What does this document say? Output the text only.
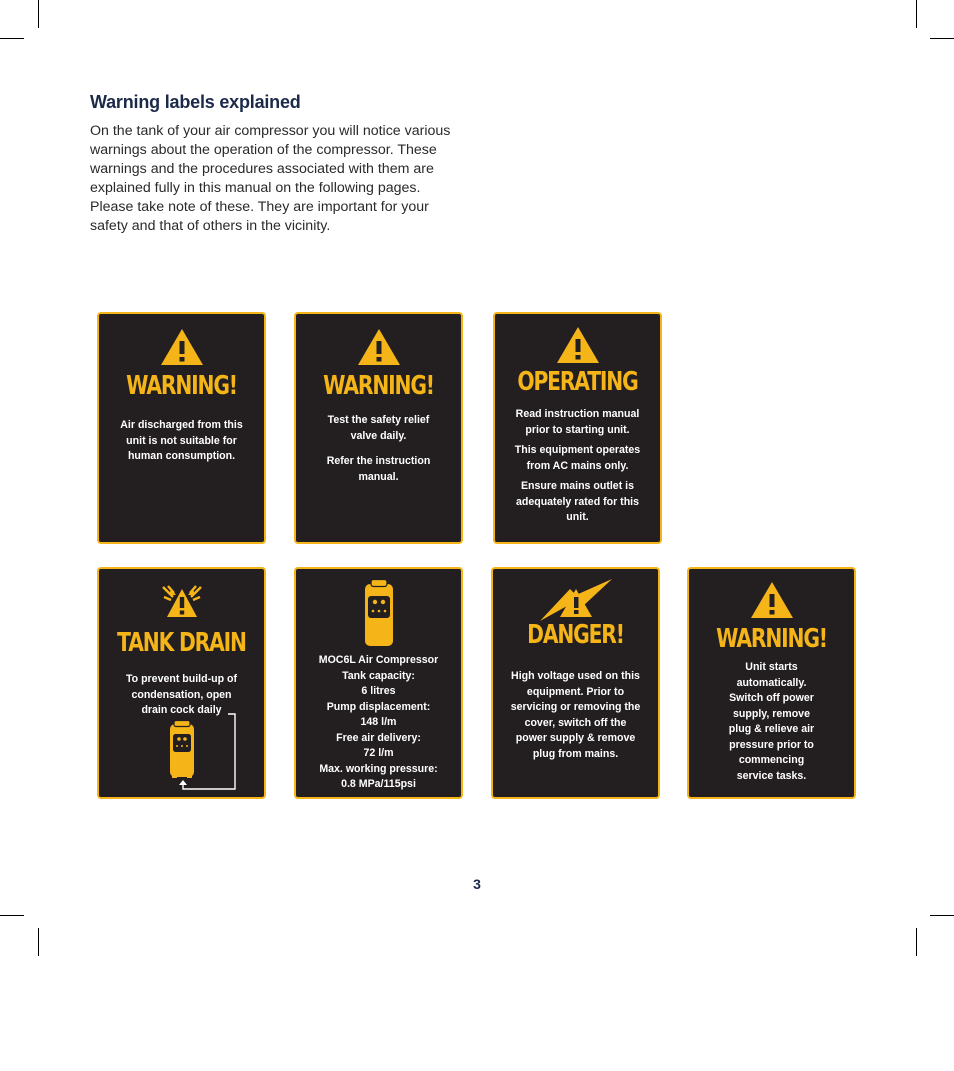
Warning labels explained

On the tank of your air compressor you will notice various warnings about the operation of the compressor. These warnings and the procedures associated with them are explained fully in this manual on the following pages. Please take note of these. They are important for your safety and that of others in the vicinity.

WARNING!

Air discharged from this unit is not suitable for human consumption.

WARNING!

Test the safety relief valve daily.

Refer the instruction manual.

OPERATING

Read instruction manual prior to starting unit.

This equipment operates from AC mains only.

Ensure mains outlet is adequately rated for this unit.

TANK DRAIN

To prevent build-up of condensation, open drain cock daily

MOC6L Air Compressor

Tank capacity:

6 litres

Pump displacement:

148 l/m

Free air delivery:

72 l/m

Max. working pressure:

0.8 MPa/115psi

DANGER!

High voltage used on this equipment. Prior to servicing or removing the cover, switch off the power supply & remove plug from mains.

WARNING!

Unit starts automatically. Switch off power supply, remove plug & relieve air pressure prior to commencing service tasks.

3
